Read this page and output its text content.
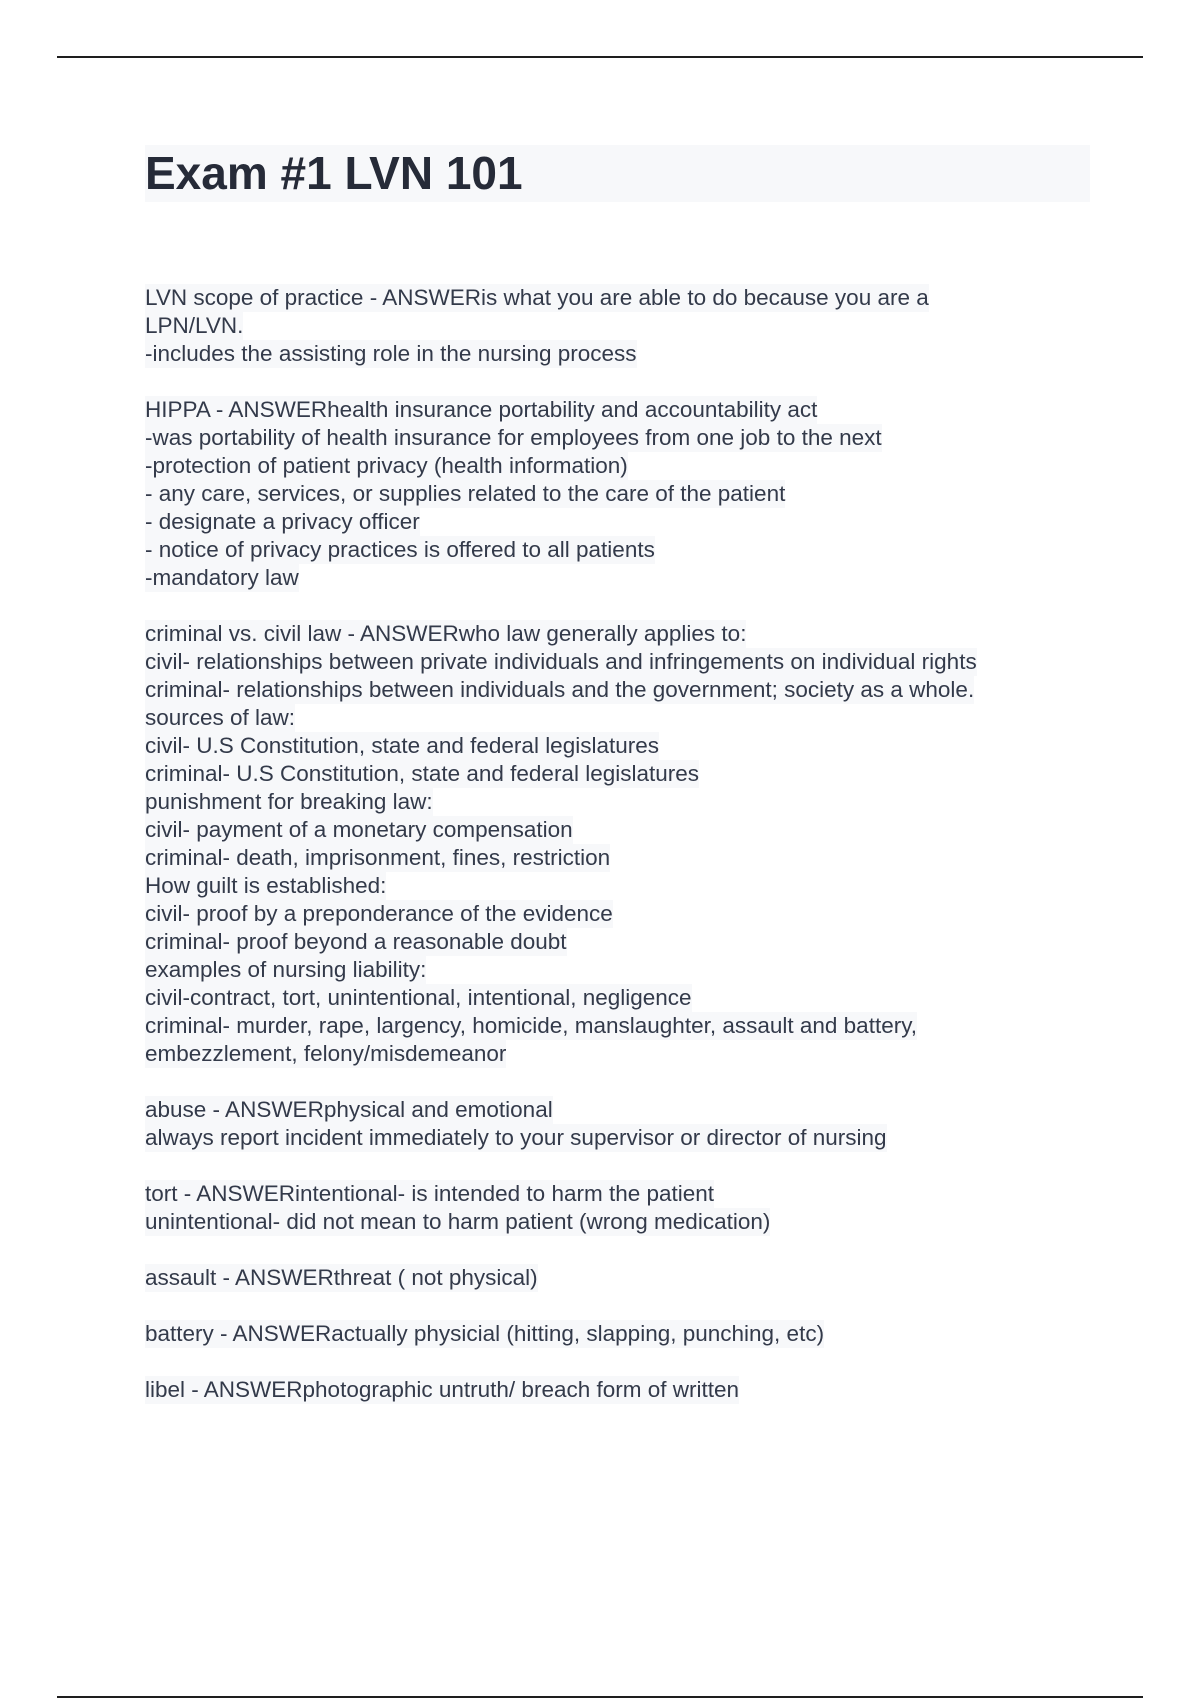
Exam #1 LVN 101
LVN scope of practice - ANSWERis what you are able to do because you are a
LPN/LVN.
-includes the assisting role in the nursing process
HIPPA - ANSWERhealth insurance portability and accountability act
-was portability of health insurance for employees from one job to the next
-protection of patient privacy (health information)
- any care, services, or supplies related to the care of the patient
- designate a privacy officer
- notice of privacy practices is offered to all patients
-mandatory law
criminal vs. civil law - ANSWERwho law generally applies to:
civil- relationships between private individuals and infringements on individual rights
criminal- relationships between individuals and the government; society as a whole.
sources of law:
civil- U.S Constitution, state and federal legislatures
criminal- U.S Constitution, state and federal legislatures
punishment for breaking law:
civil- payment of a monetary compensation
criminal- death, imprisonment, fines, restriction
How guilt is established:
civil- proof by a preponderance of the evidence
criminal- proof beyond a reasonable doubt
examples of nursing liability:
civil-contract, tort, unintentional, intentional, negligence
criminal- murder, rape, largency, homicide, manslaughter, assault and battery,
embezzlement, felony/misdemeanor
abuse - ANSWERphysical and emotional
always report incident immediately to your supervisor or director of nursing
tort - ANSWERintentional- is intended to harm the patient
unintentional- did not mean to harm patient (wrong medication)
assault - ANSWERthreat ( not physical)
battery - ANSWERactually physicial (hitting, slapping, punching, etc)
libel - ANSWERphotographic untruth/ breach form of written
